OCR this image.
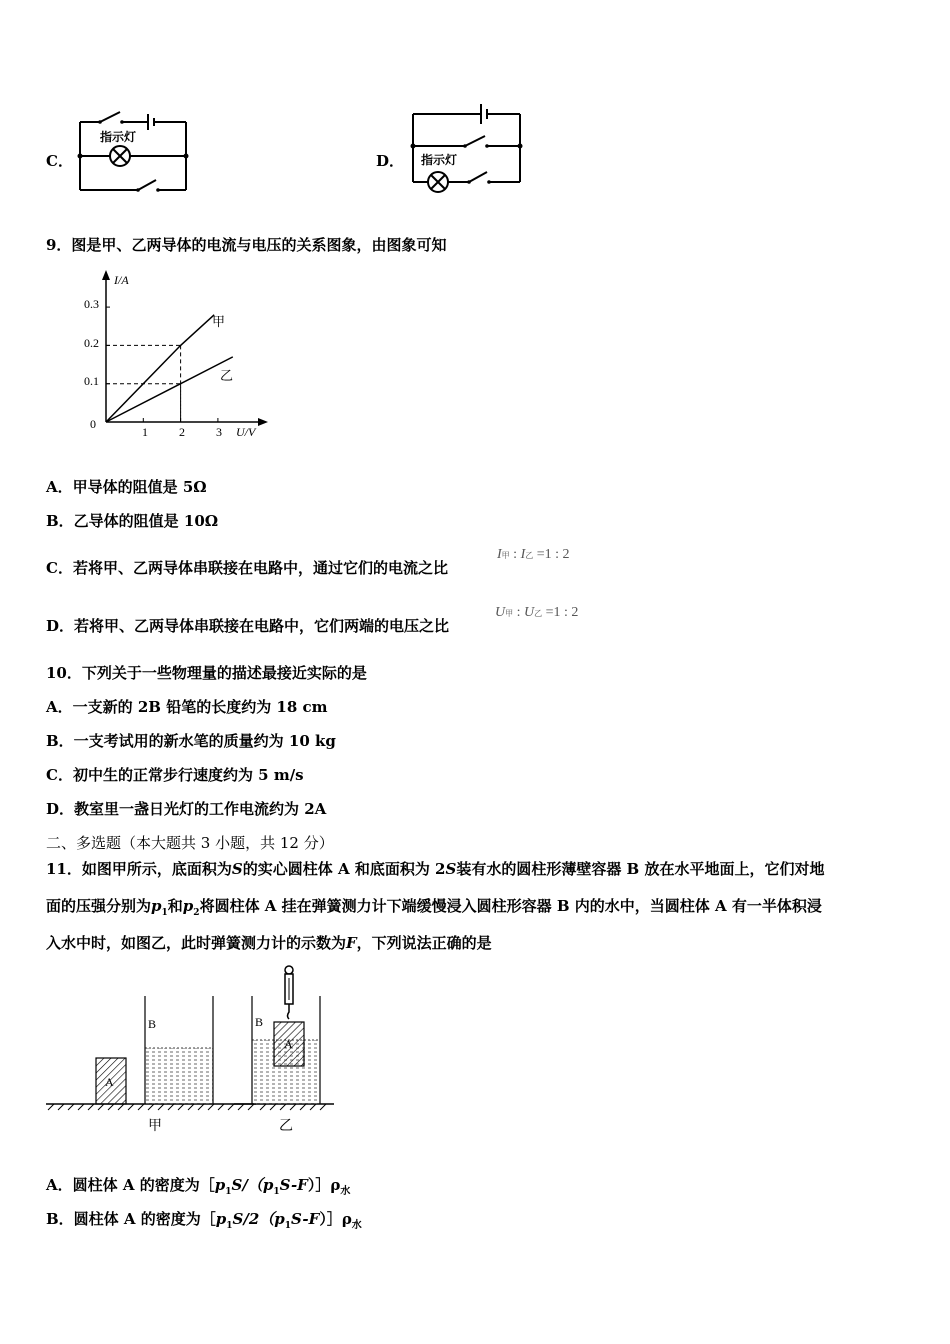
C．
指示灯
D． 指示灯
9．图是甲、乙两导体的电流与电压的关系图象，由图象可知
I/A
U/V
0
0.3
0.2
0.1
1	2	3
甲
乙
A．甲导体的阻值是 5Ω
B．乙导体的阻值是 10Ω
C．若将甲、乙两导体串联接在电路中，通过它们的电流之比
I甲 : I乙 =1 : 2
D．若将甲、乙两导体串联接在电路中，它们两端的电压之比
U甲 : U乙 =1 : 2
10．下列关于一些物理量的描述最接近实际的是
A．一支新的 2B 铅笔的长度约为 18 cm
B．一支考试用的新水笔的质量约为 10 kg
C．初中生的正常步行速度约为 5 m/s
D．教室里一盏日光灯的工作电流约为 2A
二、多选题（本大题共 3 小题，共 12 分）
11．如图甲所示，底面积为S的实心圆柱体 A 和底面积为 2S装有水的圆柱形薄壁容器 B 放在水平地面上，它们对地
面的压强分别为$p_1$和$p_2$将圆柱体 A 挂在弹簧测力计下端缓慢浸入圆柱形容器 B 内的水中，当圆柱体 A 有一半体积浸
入水中时，如图乙，此时弹簧测力计的示数为F，下列说法正确的是
A
B
甲
B
A
乙
A．圆柱体 A 的密度为$[p_1S/(p_1S-F)]\rho_水$
B．圆柱体 A 的密度为$[p_1S/2(p_1S-F)]\rho_水$
